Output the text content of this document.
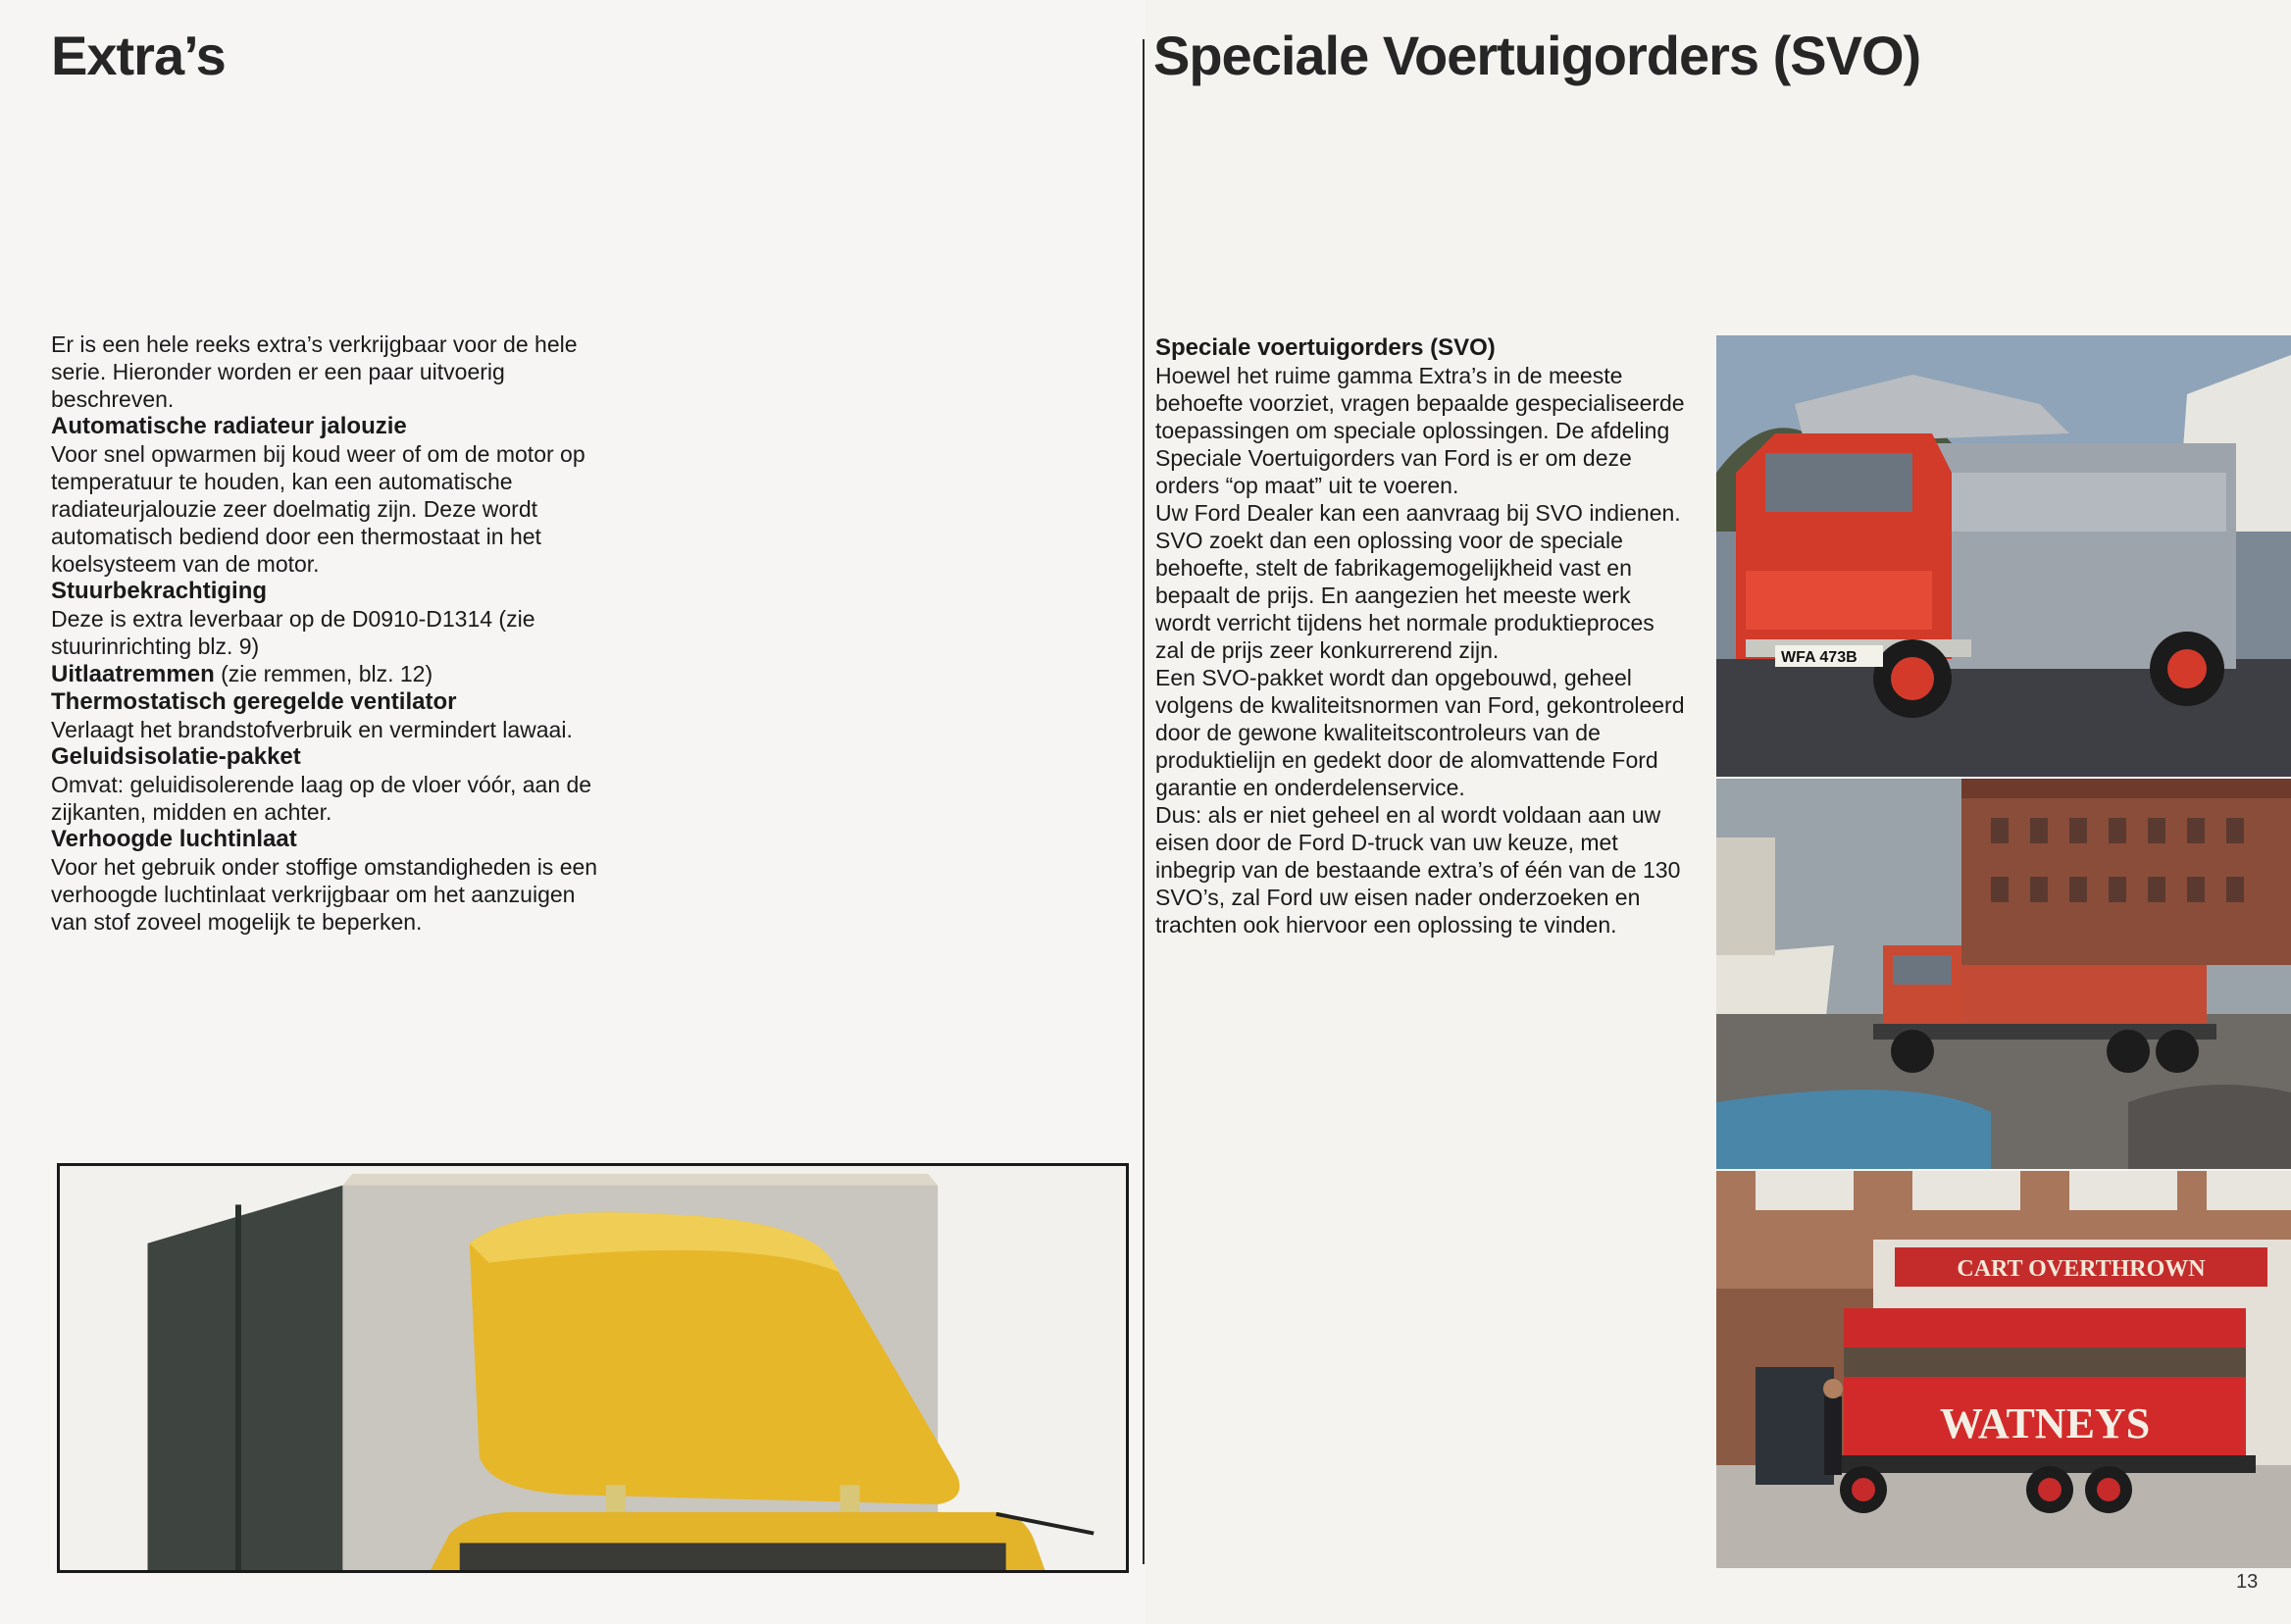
Extra’s	Speciale Voertuigorders (SVO)

Er is een hele reeks extra’s verkrijgbaar voor de hele serie. Hieronder worden er een paar uitvoerig beschreven.

Automatische radiateur jalouzie

Voor snel opwarmen bij koud weer of om de motor op temperatuur te houden, kan een automatische radiateurjalouzie zeer doelmatig zijn. Deze wordt automatisch bediend door een thermostaat in het koelsysteem van de motor.

Stuurbekrachtiging

Deze is extra leverbaar op de D0910-D1314 (zie stuurinrichting blz. 9)

Uitlaatremmen (zie remmen, blz. 12)

Thermostatisch geregelde ventilator

Verlaagt het brandstofverbruik en vermindert lawaai.

Geluidsisolatie-pakket

Omvat: geluidisolerende laag op de vloer vóór, aan de zijkanten, midden en achter.

Verhoogde luchtinlaat

Voor het gebruik onder stoffige omstandigheden is een verhoogde luchtinlaat verkrijgbaar om het aanzuigen van stof zoveel mogelijk te beperken.

Speciale voertuigorders (SVO)

Hoewel het ruime gamma Extra’s in de meeste behoefte voorziet, vragen bepaalde gespecialiseerde toepassingen om speciale oplossingen. De afdeling Speciale Voertuigorders van Ford is er om deze orders “op maat” uit te voeren.

Uw Ford Dealer kan een aanvraag bij SVO indienen. SVO zoekt dan een oplossing voor de speciale behoefte, stelt de fabrikagemogelijkheid vast en bepaalt de prijs. En aangezien het meeste werk wordt verricht tijdens het normale produktieproces zal de prijs zeer konkurrerend zijn.

Een SVO-pakket wordt dan opgebouwd, geheel volgens de kwaliteitsnormen van Ford, gekontroleerd door de gewone kwaliteitscontroleurs van de produktielijn en gedekt door de alomvattende Ford garantie en onderdelenservice.

Dus: als er niet geheel en al wordt voldaan aan uw eisen door de Ford D-truck van uw keuze, met inbegrip van de bestaande extra’s of één van de 130 SVO’s, zal Ford uw eisen nader onderzoeken en trachten ook hiervoor een oplossing te vinden.

WFA 473B
CART OVERTHROWN
WATNEYS
13
